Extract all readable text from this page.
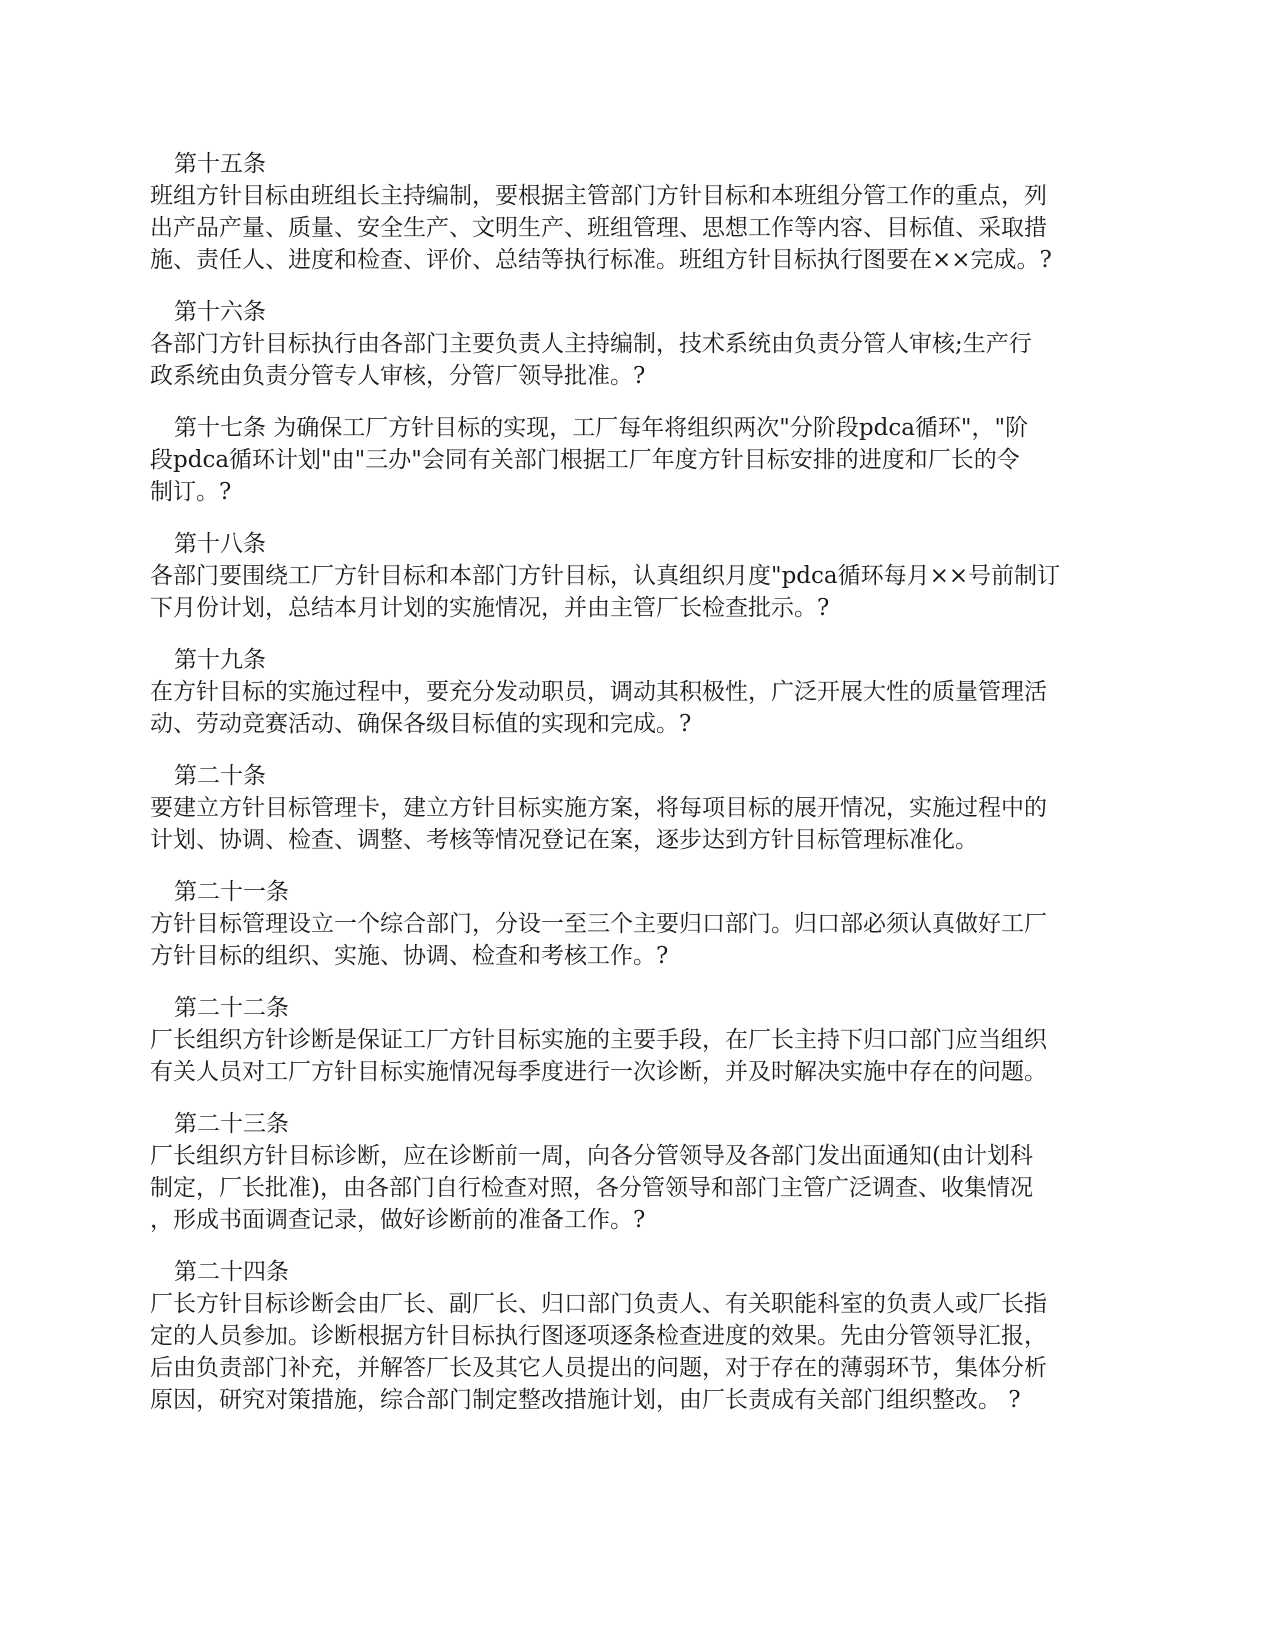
第十五条
班组方针目标由班组长主持编制，要根据主管部门方针目标和本班组分管工作的重点，列
出产品产量、质量、安全生产、文明生产、班组管理、思想工作等内容、目标值、采取措
施、责任人、进度和检查、评价、总结等执行标准。班组方针目标执行图要在××完成。?
第十六条
各部门方针目标执行由各部门主要负责人主持编制，技术系统由负责分管人审核;生产行
政系统由负责分管专人审核，分管厂领导批准。?
第十七条 为确保工厂方针目标的实现，工厂每年将组织两次"分阶段pdca循环"，"阶
段pdca循环计划"由"三办"会同有关部门根据工厂年度方针目标安排的进度和厂长的令
制订。?
第十八条
各部门要围绕工厂方针目标和本部门方针目标，认真组织月度"pdca循环每月××号前制订
下月份计划，总结本月计划的实施情况，并由主管厂长检查批示。?
第十九条
在方针目标的实施过程中，要充分发动职员，调动其积极性，广泛开展大性的质量管理活
动、劳动竞赛活动、确保各级目标值的实现和完成。?
第二十条
要建立方针目标管理卡，建立方针目标实施方案，将每项目标的展开情况，实施过程中的
计划、协调、检查、调整、考核等情况登记在案，逐步达到方针目标管理标准化。
第二十一条
方针目标管理设立一个综合部门，分设一至三个主要归口部门。归口部必须认真做好工厂
方针目标的组织、实施、协调、检查和考核工作。?
第二十二条
厂长组织方针诊断是保证工厂方针目标实施的主要手段，在厂长主持下归口部门应当组织
有关人员对工厂方针目标实施情况每季度进行一次诊断，并及时解决实施中存在的问题。
第二十三条
厂长组织方针目标诊断，应在诊断前一周，向各分管领导及各部门发出面通知(由计划科
制定，厂长批准)，由各部门自行检查对照，各分管领导和部门主管广泛调查、收集情况
，形成书面调查记录，做好诊断前的准备工作。?
第二十四条
厂长方针目标诊断会由厂长、副厂长、归口部门负责人、有关职能科室的负责人或厂长指
定的人员参加。诊断根据方针目标执行图逐项逐条检查进度的效果。先由分管领导汇报，
后由负责部门补充，并解答厂长及其它人员提出的问题，对于存在的薄弱环节，集体分析
原因，研究对策措施，综合部门制定整改措施计划，由厂长责成有关部门组织整改。 ?
